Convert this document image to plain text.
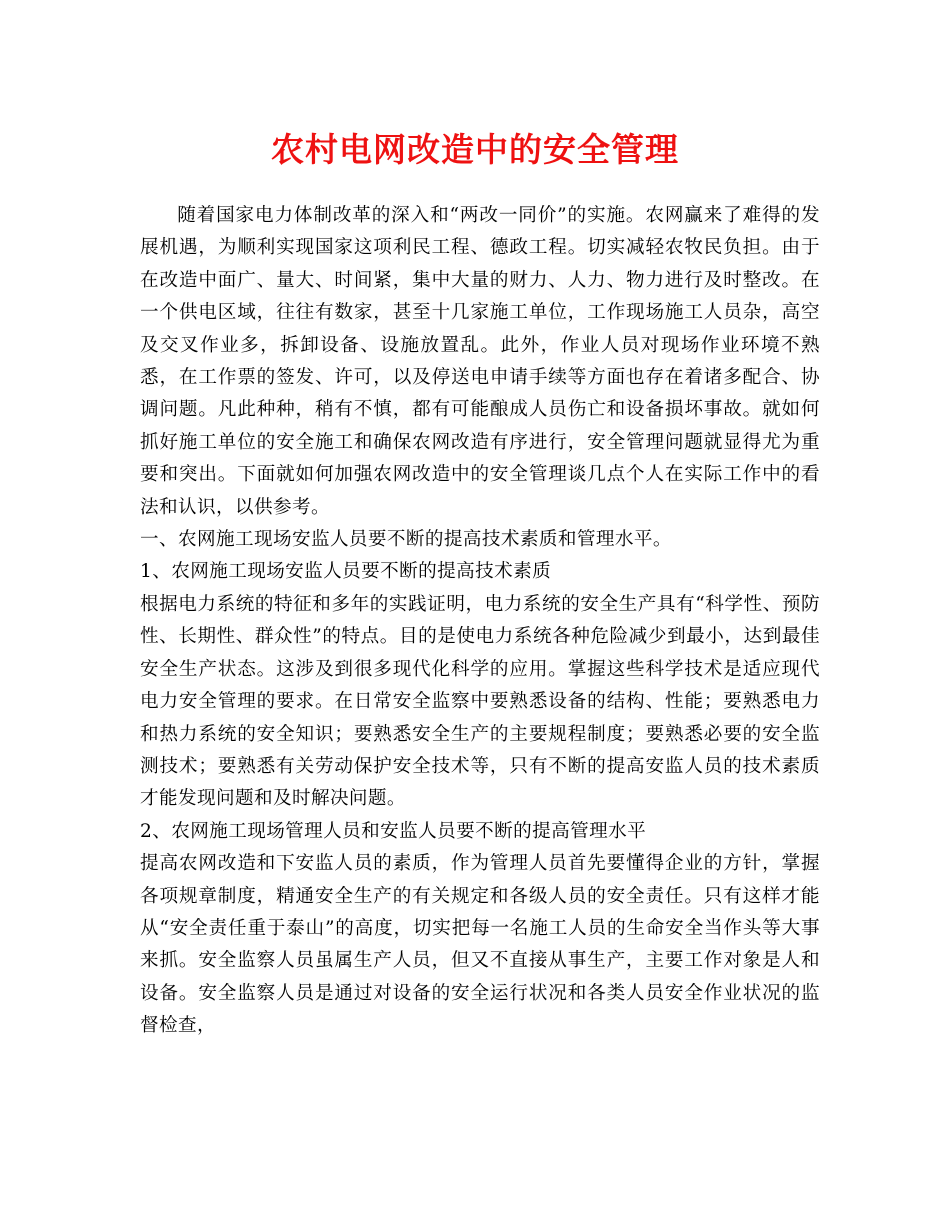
农村电网改造中的安全管理

随着国家电力体制改革的深入和“两改一同价”的实施。农网赢来了难得的发展机遇，为顺利实现国家这项利民工程、德政工程。切实减轻农牧民负担。由于在改造中面广、量大、时间紧，集中大量的财力、人力、物力进行及时整改。在一个供电区域，往往有数家，甚至十几家施工单位，工作现场施工人员杂，高空及交叉作业多，拆卸设备、设施放置乱。此外，作业人员对现场作业环境不熟悉，在工作票的签发、许可，以及停送电申请手续等方面也存在着诸多配合、协调问题。凡此种种，稍有不慎，都有可能酿成人员伤亡和设备损坏事故。就如何抓好施工单位的安全施工和确保农网改造有序进行，安全管理问题就显得尤为重要和突出。下面就如何加强农网改造中的安全管理谈几点个人在实际工作中的看法和认识，以供参考。

一、农网施工现场安监人员要不断的提高技术素质和管理水平。

1、农网施工现场安监人员要不断的提高技术素质

根据电力系统的特征和多年的实践证明，电力系统的安全生产具有“科学性、预防性、长期性、群众性”的特点。目的是使电力系统各种危险减少到最小，达到最佳安全生产状态。这涉及到很多现代化科学的应用。掌握这些科学技术是适应现代电力安全管理的要求。在日常安全监察中要熟悉设备的结构、性能；要熟悉电力和热力系统的安全知识；要熟悉安全生产的主要规程制度；要熟悉必要的安全监测技术；要熟悉有关劳动保护安全技术等，只有不断的提高安监人员的技术素质才能发现问题和及时解决问题。

2、农网施工现场管理人员和安监人员要不断的提高管理水平

提高农网改造和下安监人员的素质，作为管理人员首先要懂得企业的方针，掌握各项规章制度，精通安全生产的有关规定和各级人员的安全责任。只有这样才能从“安全责任重于泰山”的高度，切实把每一名施工人员的生命安全当作头等大事来抓。安全监察人员虽属生产人员，但又不直接从事生产，主要工作对象是人和设备。安全监察人员是通过对设备的安全运行状况和各类人员安全作业状况的监督检查，
